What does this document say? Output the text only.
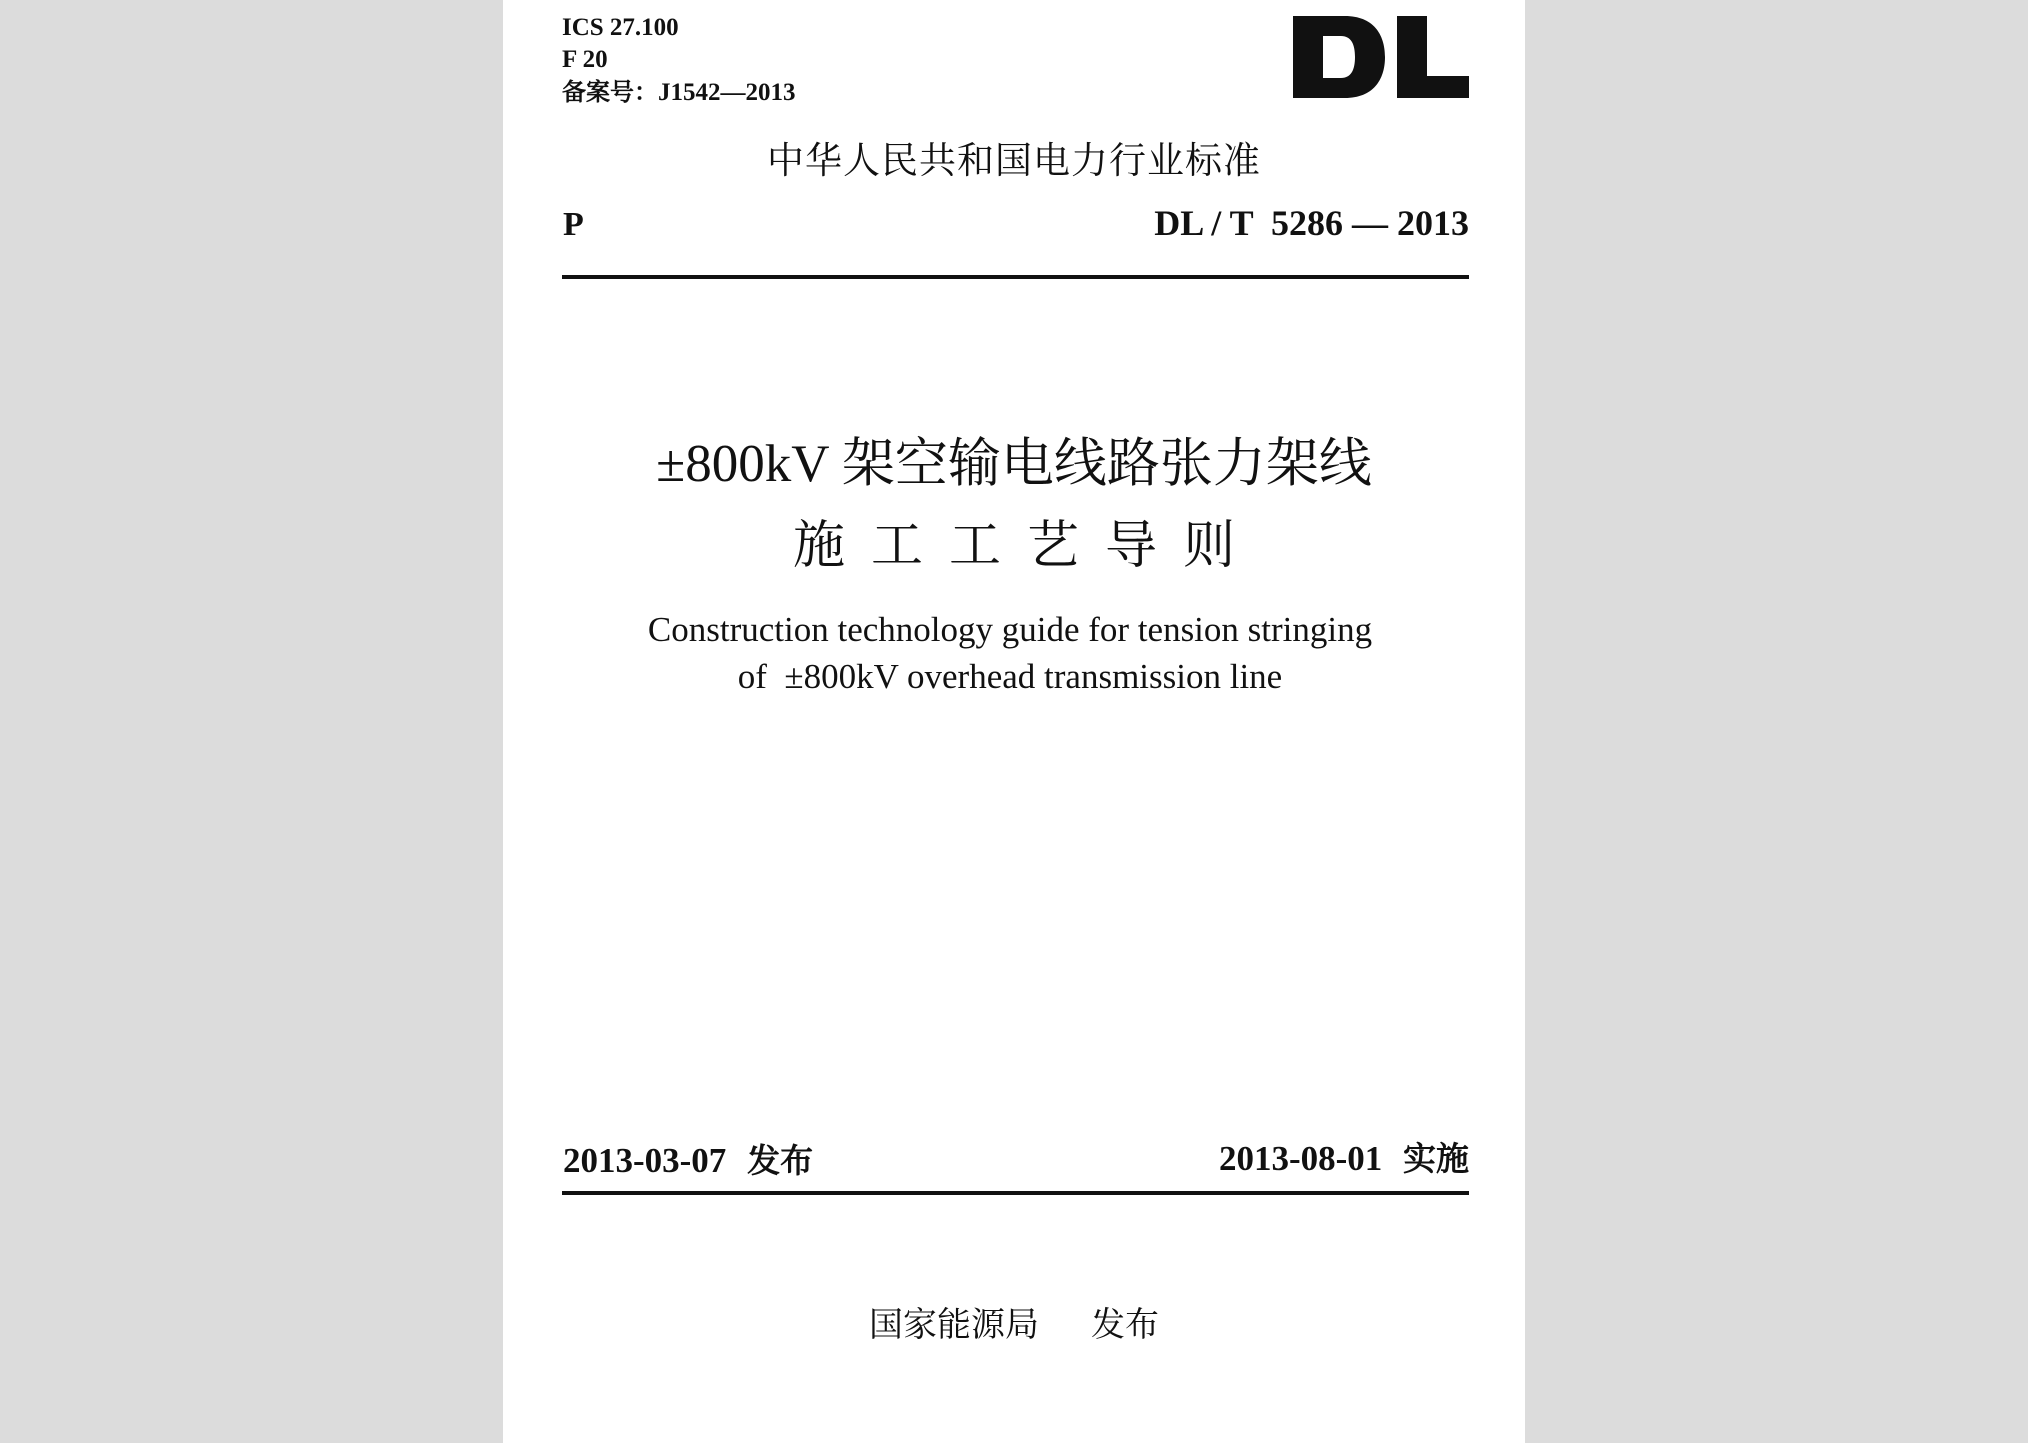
ICS 27.100
F 20
备案号：J1542—2013
中华人民共和国电力行业标准
P	DL / T  5286 — 2013
±800kV 架空输电线路张力架线
施工工艺导则
Construction technology guide for tension stringing
of  ±800kV overhead transmission line
2013-03-07 发布	2013-08-01 实施
国家能源局 发布
